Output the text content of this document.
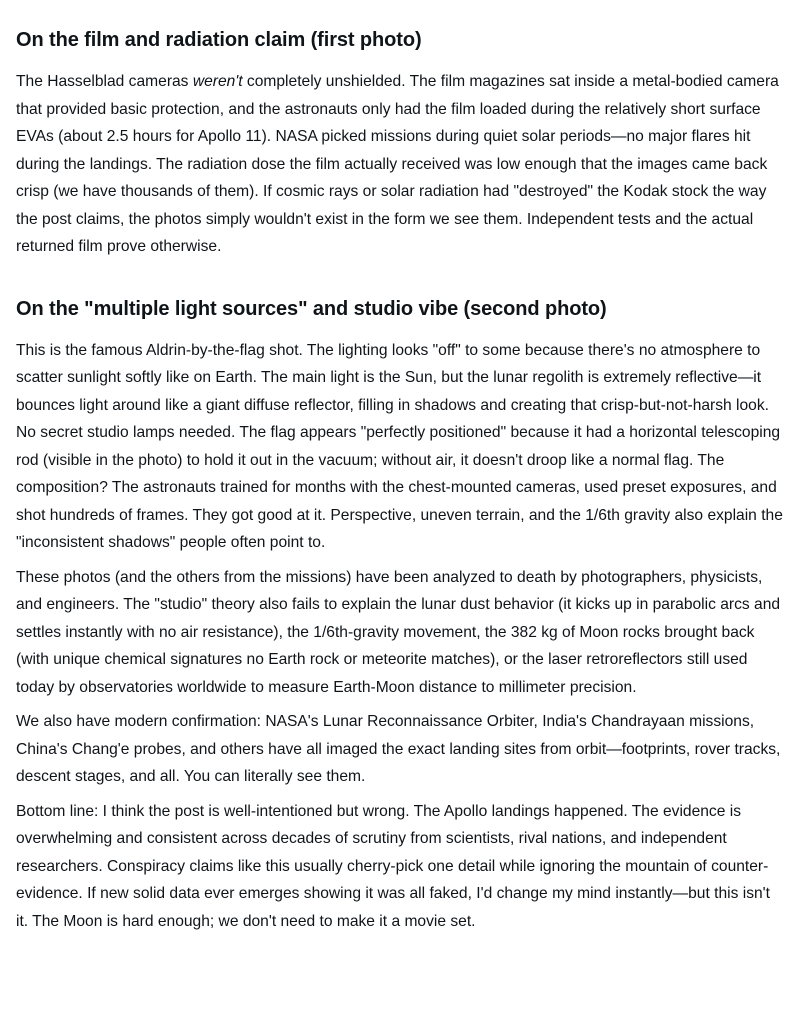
On the film and radiation claim (first photo)

The Hasselblad cameras weren't completely unshielded. The film magazines sat inside a metal-bodied camera that provided basic protection, and the astronauts only had the film loaded during the relatively short surface EVAs (about 2.5 hours for Apollo 11). NASA picked missions during quiet solar periods—no major flares hit during the landings. The radiation dose the film actually received was low enough that the images came back crisp (we have thousands of them). If cosmic rays or solar radiation had "destroyed" the Kodak stock the way the post claims, the photos simply wouldn't exist in the form we see them. Independent tests and the actual returned film prove otherwise.

On the "multiple light sources" and studio vibe (second photo)

This is the famous Aldrin-by-the-flag shot. The lighting looks "off" to some because there's no atmosphere to scatter sunlight softly like on Earth. The main light is the Sun, but the lunar regolith is extremely reflective—it bounces light around like a giant diffuse reflector, filling in shadows and creating that crisp-but-not-harsh look. No secret studio lamps needed. The flag appears "perfectly positioned" because it had a horizontal telescoping rod (visible in the photo) to hold it out in the vacuum; without air, it doesn't droop like a normal flag. The composition? The astronauts trained for months with the chest-mounted cameras, used preset exposures, and shot hundreds of frames. They got good at it. Perspective, uneven terrain, and the 1/6th gravity also explain the "inconsistent shadows" people often point to.

These photos (and the others from the missions) have been analyzed to death by photographers, physicists, and engineers. The "studio" theory also fails to explain the lunar dust behavior (it kicks up in parabolic arcs and settles instantly with no air resistance), the 1/6th-gravity movement, the 382 kg of Moon rocks brought back (with unique chemical signatures no Earth rock or meteorite matches), or the laser retroreflectors still used today by observatories worldwide to measure Earth-Moon distance to millimeter precision.

We also have modern confirmation: NASA's Lunar Reconnaissance Orbiter, India's Chandrayaan missions, China's Chang'e probes, and others have all imaged the exact landing sites from orbit—footprints, rover tracks, descent stages, and all. You can literally see them.

Bottom line: I think the post is well-intentioned but wrong. The Apollo landings happened. The evidence is overwhelming and consistent across decades of scrutiny from scientists, rival nations, and independent researchers. Conspiracy claims like this usually cherry-pick one detail while ignoring the mountain of counter-evidence. If new solid data ever emerges showing it was all faked, I'd change my mind instantly—but this isn't it. The Moon is hard enough; we don't need to make it a movie set.
